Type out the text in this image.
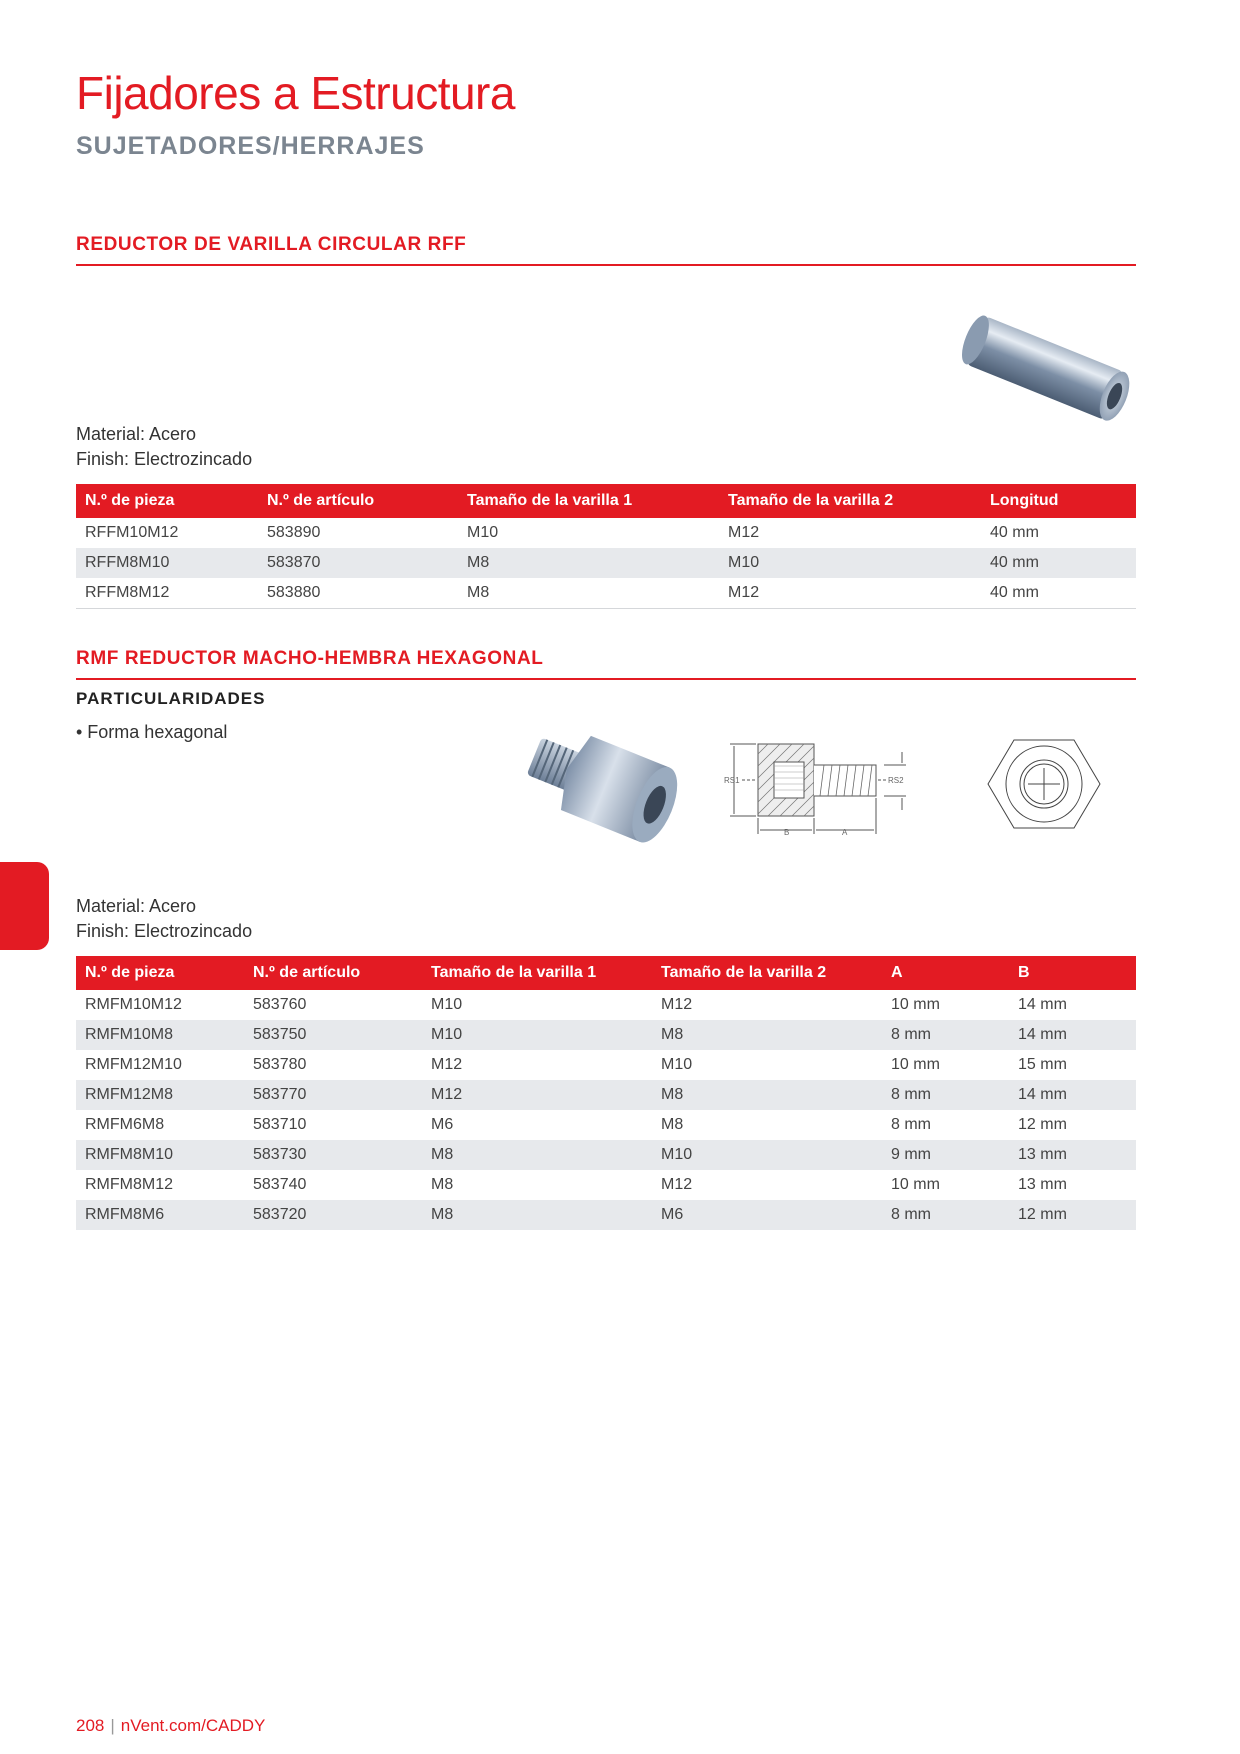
Fijadores a Estructura
SUJETADORES/HERRAJES
REDUCTOR DE VARILLA CIRCULAR RFF
Material: Acero
Finish: Electrozincado
N.º de pieza	N.º de artículo	Tamaño de la varilla 1	Tamaño de la varilla 2	Longitud
RFFM10M12	583890	M10	M12	40 mm
RFFM8M10	583870	M8	M10	40 mm
RFFM8M12	583880	M8	M12	40 mm
RMF REDUCTOR MACHO-HEMBRA HEXAGONAL
PARTICULARIDADES
• Forma hexagonal
RS1	RS2
B	A
Material: Acero
Finish: Electrozincado
N.º de pieza	N.º de artículo	Tamaño de la varilla 1	Tamaño de la varilla 2	A	B
RMFM10M12	583760	M10	M12	10 mm	14 mm
RMFM10M8	583750	M10	M8	8 mm	14 mm
RMFM12M10	583780	M12	M10	10 mm	15 mm
RMFM12M8	583770	M12	M8	8 mm	14 mm
RMFM6M8	583710	M6	M8	8 mm	12 mm
RMFM8M10	583730	M8	M10	9 mm	13 mm
RMFM8M12	583740	M8	M12	10 mm	13 mm
RMFM8M6	583720	M8	M6	8 mm	12 mm
208 | nVent.com/CADDY
